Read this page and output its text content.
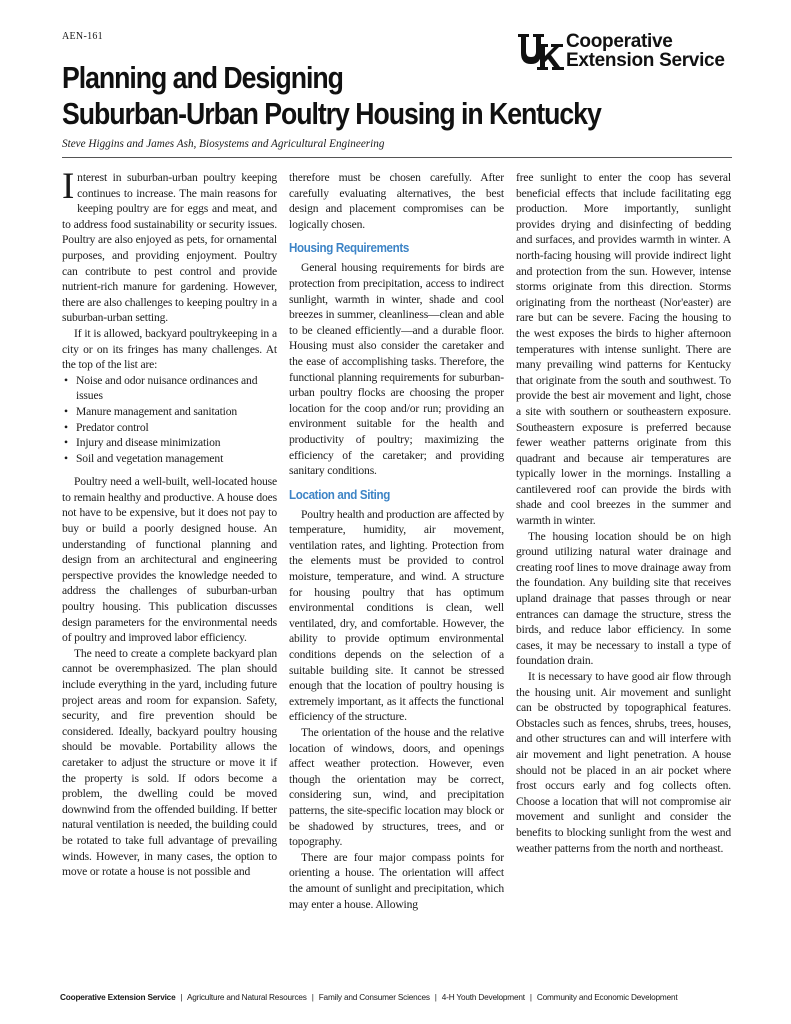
AEN-161	Cooperative
Extension Service
Planning and Designing
Suburban-Urban Poultry Housing in Kentucky
Steve Higgins and James Ash, Biosystems and Agricultural Engineering

Interest in suburban-urban poultry keeping continues to increase. The main reasons for keeping poultry are for eggs and meat, and to address food sustainability or security issues. Poultry are also enjoyed as pets, for ornamental purposes, and providing enjoyment. Poultry can contribute to pest control and provide nutrient-rich manure for gardening. However, there are also challenges to keeping poultry in a suburban-urban setting.

If it is allowed, backyard poultrykeeping in a city or on its fringes has many challenges. At the top of the list are:

• Noise and odor nuisance ordinances and issues
• Manure management and sanitation
• Predator control
• Injury and disease minimization
• Soil and vegetation management

Poultry need a well-built, well-located house to remain healthy and productive. A house does not have to be expensive, but it does not pay to buy or build a poorly designed house. An understanding of functional planning and design from an architectural and engineering perspective provides the knowledge needed to address the challenges of suburban-urban poultry housing. This publication discusses design parameters for the environmental needs of poultry and improved labor efficiency.

The need to create a complete backyard plan cannot be overemphasized. The plan should include everything in the yard, including future project areas and room for expansion. Safety, security, and fire prevention should be considered. Ideally, backyard poultry housing should be movable. Portability allows the caretaker to adjust the structure or move it if the property is sold. If odors become a problem, the dwelling could be moved downwind from the offended building. If better natural ventilation is needed, the building could be rotated to take full advantage of prevailing winds. However, in many cases, the option to move or rotate a house is not possible and

therefore must be chosen carefully. After carefully evaluating alternatives, the best design and placement compromises can be logically chosen.

Housing Requirements

General housing requirements for birds are protection from precipitation, access to indirect sunlight, warmth in winter, shade and cool breezes in summer, cleanliness—clean and able to be cleaned efficiently—and a durable floor. Housing must also consider the caretaker and the ease of accomplishing tasks. Therefore, the functional planning requirements for suburban-urban poultry flocks are choosing the proper location for the coop and/or run; providing an environment suitable for the health and productivity of poultry; maximizing the efficiency of the caretaker; and providing sanitary conditions.

Location and Siting

Poultry health and production are affected by temperature, humidity, air movement, ventilation rates, and lighting. Protection from the elements must be provided to control moisture, temperature, and wind. A structure for housing poultry that has optimum environmental conditions is clean, well ventilated, dry, and comfortable. However, the ability to provide optimum environmental conditions depends on the selection of a suitable building site. It cannot be stressed enough that the location of poultry housing is extremely important, as it affects the functional efficiency of the structure.

The orientation of the house and the relative location of windows, doors, and openings affect weather protection. However, even though the orientation may be correct, considering sun, wind, and precipitation patterns, the site-specific location may block or be shadowed by structures, trees, and or topography.

There are four major compass points for orienting a house. The orientation will affect the amount of sunlight and precipitation, which may enter a house. Allowing

free sunlight to enter the coop has several beneficial effects that include facilitating egg production. More importantly, sunlight provides drying and disinfecting of bedding and surfaces, and provides warmth in winter. A north-facing housing will provide indirect light and protection from the sun. However, intense storms originate from this direction. Storms originating from the northeast (Nor'easter) are rare but can be severe. Facing the housing to the west exposes the birds to higher afternoon temperatures with intense sunlight. There are many prevailing wind patterns for Kentucky that originate from the south and southwest. To provide the best air movement and light, chose a site with southern or southeastern exposure. Southeastern exposure is preferred because fewer weather patterns originate from this quadrant and because air temperatures are typically lower in the mornings. Installing a cantilevered roof can provide the birds with shade and cool breezes in the summer and warmth in winter.

The housing location should be on high ground utilizing natural water drainage and creating roof lines to move drainage away from the foundation. Any building site that receives upland drainage that passes through or near entrances can damage the structure, stress the birds, and reduce labor efficiency. In some cases, it may be necessary to install a type of foundation drain.

It is necessary to have good air flow through the housing unit. Air movement and sunlight can be obstructed by topographical features. Obstacles such as fences, shrubs, trees, houses, and other structures can and will interfere with air movement and light penetration. A house should not be placed in an air pocket where frost occurs early and fog collects often. Choose a location that will not compromise air movement and sunlight and consider the benefits to blocking sunlight from the west and weather patterns from the north and northeast.

Cooperative Extension Service | Agriculture and Natural Resources | Family and Consumer Sciences | 4-H Youth Development | Community and Economic Development
